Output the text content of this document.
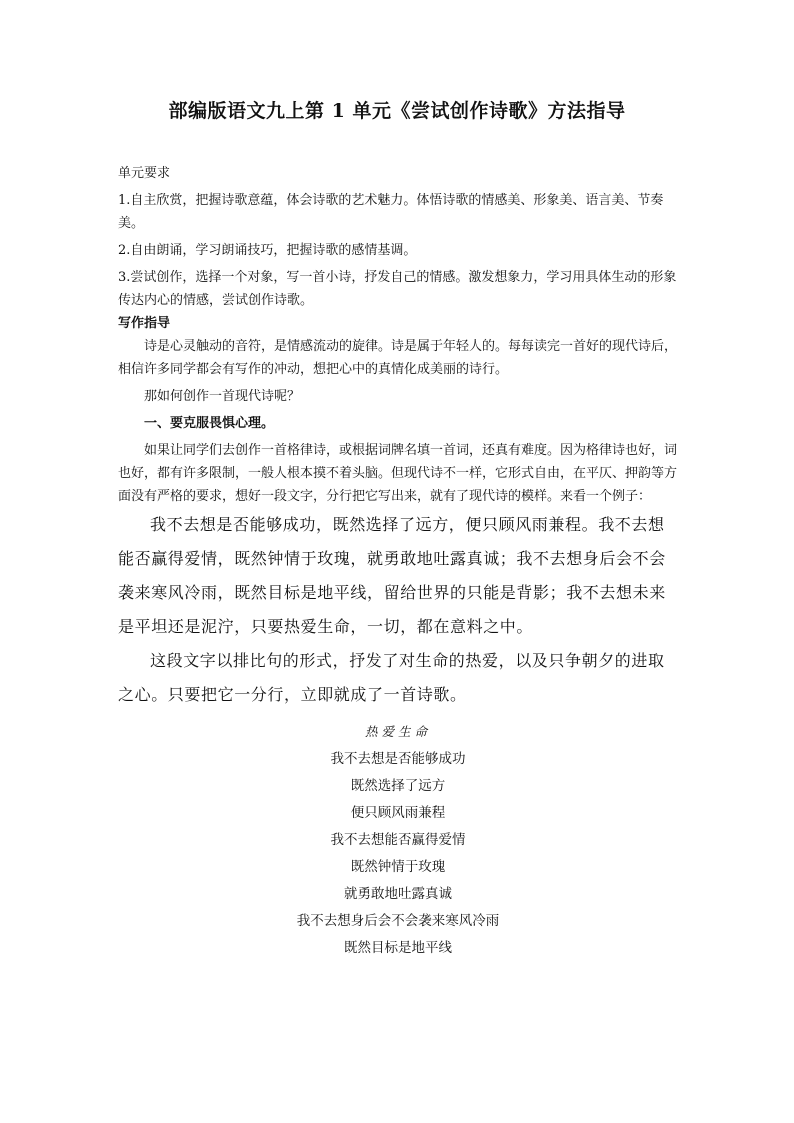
部编版语文九上第 1 单元《尝试创作诗歌》方法指导

单元要求

1.自主欣赏，把握诗歌意蕴，体会诗歌的艺术魅力。体悟诗歌的情感美、形象美、语言美、节奏美。

2.自由朗诵，学习朗诵技巧，把握诗歌的感情基调。

3.尝试创作，选择一个对象，写一首小诗，抒发自己的情感。激发想象力，学习用具体生动的形象传达内心的情感，尝试创作诗歌。

写作指导

诗是心灵触动的音符，是情感流动的旋律。诗是属于年轻人的。每每读完一首好的现代诗后，相信许多同学都会有写作的冲动，想把心中的真情化成美丽的诗行。

那如何创作一首现代诗呢？

一、要克服畏惧心理。

如果让同学们去创作一首格律诗，或根据词牌名填一首词，还真有难度。因为格律诗也好，词也好，都有许多限制，一般人根本摸不着头脑。但现代诗不一样，它形式自由，在平仄、押韵等方面没有严格的要求，想好一段文字，分行把它写出来，就有了现代诗的模样。来看一个例子：

我不去想是否能够成功，既然选择了远方，便只顾风雨兼程。我不去想能否赢得爱情，既然钟情于玫瑰，就勇敢地吐露真诚；我不去想身后会不会袭来寒风冷雨，既然目标是地平线，留给世界的只能是背影；我不去想未来是平坦还是泥泞，只要热爱生命，一切，都在意料之中。

这段文字以排比句的形式，抒发了对生命的热爱，以及只争朝夕的进取之心。只要把它一分行，立即就成了一首诗歌。

热爱生命
我不去想是否能够成功
既然选择了远方
便只顾风雨兼程
我不去想能否赢得爱情
既然钟情于玫瑰
就勇敢地吐露真诚
我不去想身后会不会袭来寒风冷雨
既然目标是地平线
